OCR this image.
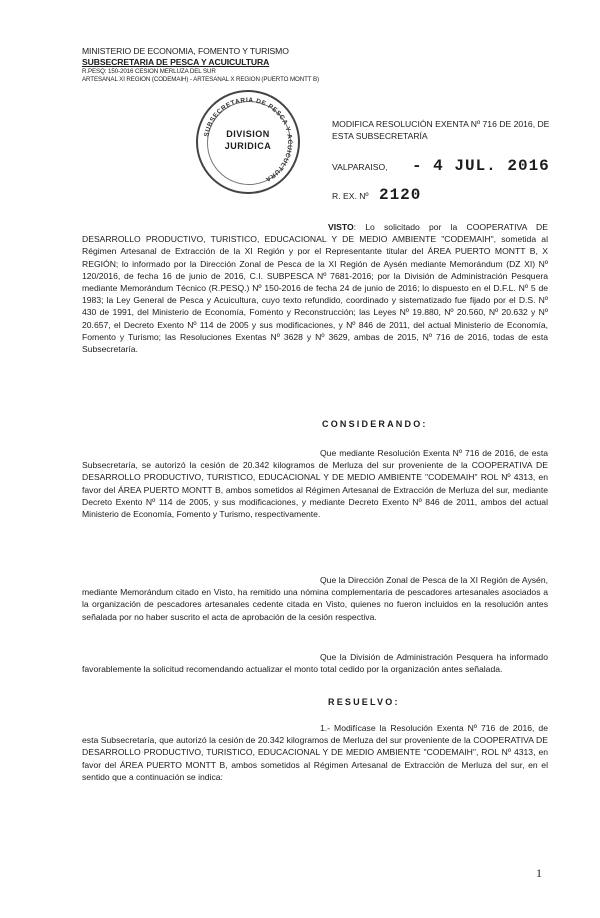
MINISTERIO DE ECONOMIA, FOMENTO Y TURISMO
SUBSECRETARIA DE PESCA Y ACUICULTURA
R.PESQ: 150-2016 CESION MERLUZA DEL SUR
ARTESANAL XI REGION (CODEMAIH) - ARTESANAL X REGION (PUERTO MONTT B)
SUBSECRETARIA DE PESCA Y ACUICULTURA
DIVISION
JURIDICA
MODIFICA RESOLUCIÓN EXENTA Nº 716 DE 2016, DE ESTA SUBSECRETARÍA
VALPARAISO, - 4 JUL. 2016
R. EX. Nº 2120

VISTO: Lo solicitado por la COOPERATIVA DE DESARROLLO PRODUCTIVO, TURISTICO, EDUCACIONAL Y DE MEDIO AMBIENTE "CODEMAIH", sometida al Régimen Artesanal de Extracción de la XI Región y por el Representante titular del ÁREA PUERTO MONTT B, X REGIÓN; lo informado por la Dirección Zonal de Pesca de la XI Región de Aysén mediante Memorándum (DZ XI) Nº 120/2016, de fecha 16 de junio de 2016, C.I. SUBPESCA Nº 7681-2016; por la División de Administración Pesquera mediante Memorándum Técnico (R.PESQ.) Nº 150-2016 de fecha 24 de junio de 2016; lo dispuesto en el D.F.L. Nº 5 de 1983; la Ley General de Pesca y Acuicultura, cuyo texto refundido, coordinado y sistematizado fue fijado por el D.S. Nº 430 de 1991, del Ministerio de Economía, Fomento y Reconstrucción; las Leyes Nº 19.880, Nº 20.560, Nº 20.632 y Nº 20.657, el Decreto Exento Nº 114 de 2005 y sus modificaciones, y Nº 846 de 2011, del actual Ministerio de Economía, Fomento y Turismo; las Resoluciones Exentas Nº 3628 y Nº 3629, ambas de 2015, Nº 716 de 2016, todas de esta Subsecretaría.

CONSIDERANDO:

Que mediante Resolución Exenta Nº 716 de 2016, de esta Subsecretaría, se autorizó la cesión de 20.342 kilogramos de Merluza del sur proveniente de la COOPERATIVA DE DESARROLLO PRODUCTIVO, TURISTICO, EDUCACIONAL Y DE MEDIO AMBIENTE "CODEMAIH" ROL Nº 4313, en favor del ÁREA PUERTO MONTT B, ambos sometidos al Régimen Artesanal de Extracción de Merluza del sur, mediante Decreto Exento Nº 114 de 2005, y sus modificaciones, y mediante Decreto Exento Nº 846 de 2011, ambos del actual Ministerio de Economía, Fomento y Turismo, respectivamente.

Que la Dirección Zonal de Pesca de la XI Región de Aysén, mediante Memorándum citado en Visto, ha remitido una nómina complementaria de pescadores artesanales asociados a la organización de pescadores artesanales cedente citada en Visto, quienes no fueron incluidos en la resolución antes señalada por no haber suscrito el acta de aprobación de la cesión respectiva.

Que la División de Administración Pesquera ha informado favorablemente la solicitud recomendando actualizar el monto total cedido por la organización antes señalada.

RESUELVO:

1.- Modifícase la Resolución Exenta Nº 716 de 2016, de esta Subsecretaría, que autorizó la cesión de 20.342 kilogramos de Merluza del sur proveniente de la COOPERATIVA DE DESARROLLO PRODUCTIVO, TURISTICO, EDUCACIONAL Y DE MEDIO AMBIENTE "CODEMAIH", ROL Nº 4313, en favor del ÁREA PUERTO MONTT B, ambos sometidos al Régimen Artesanal de Extracción de Merluza del sur, en el sentido que a continuación se indica:

1
